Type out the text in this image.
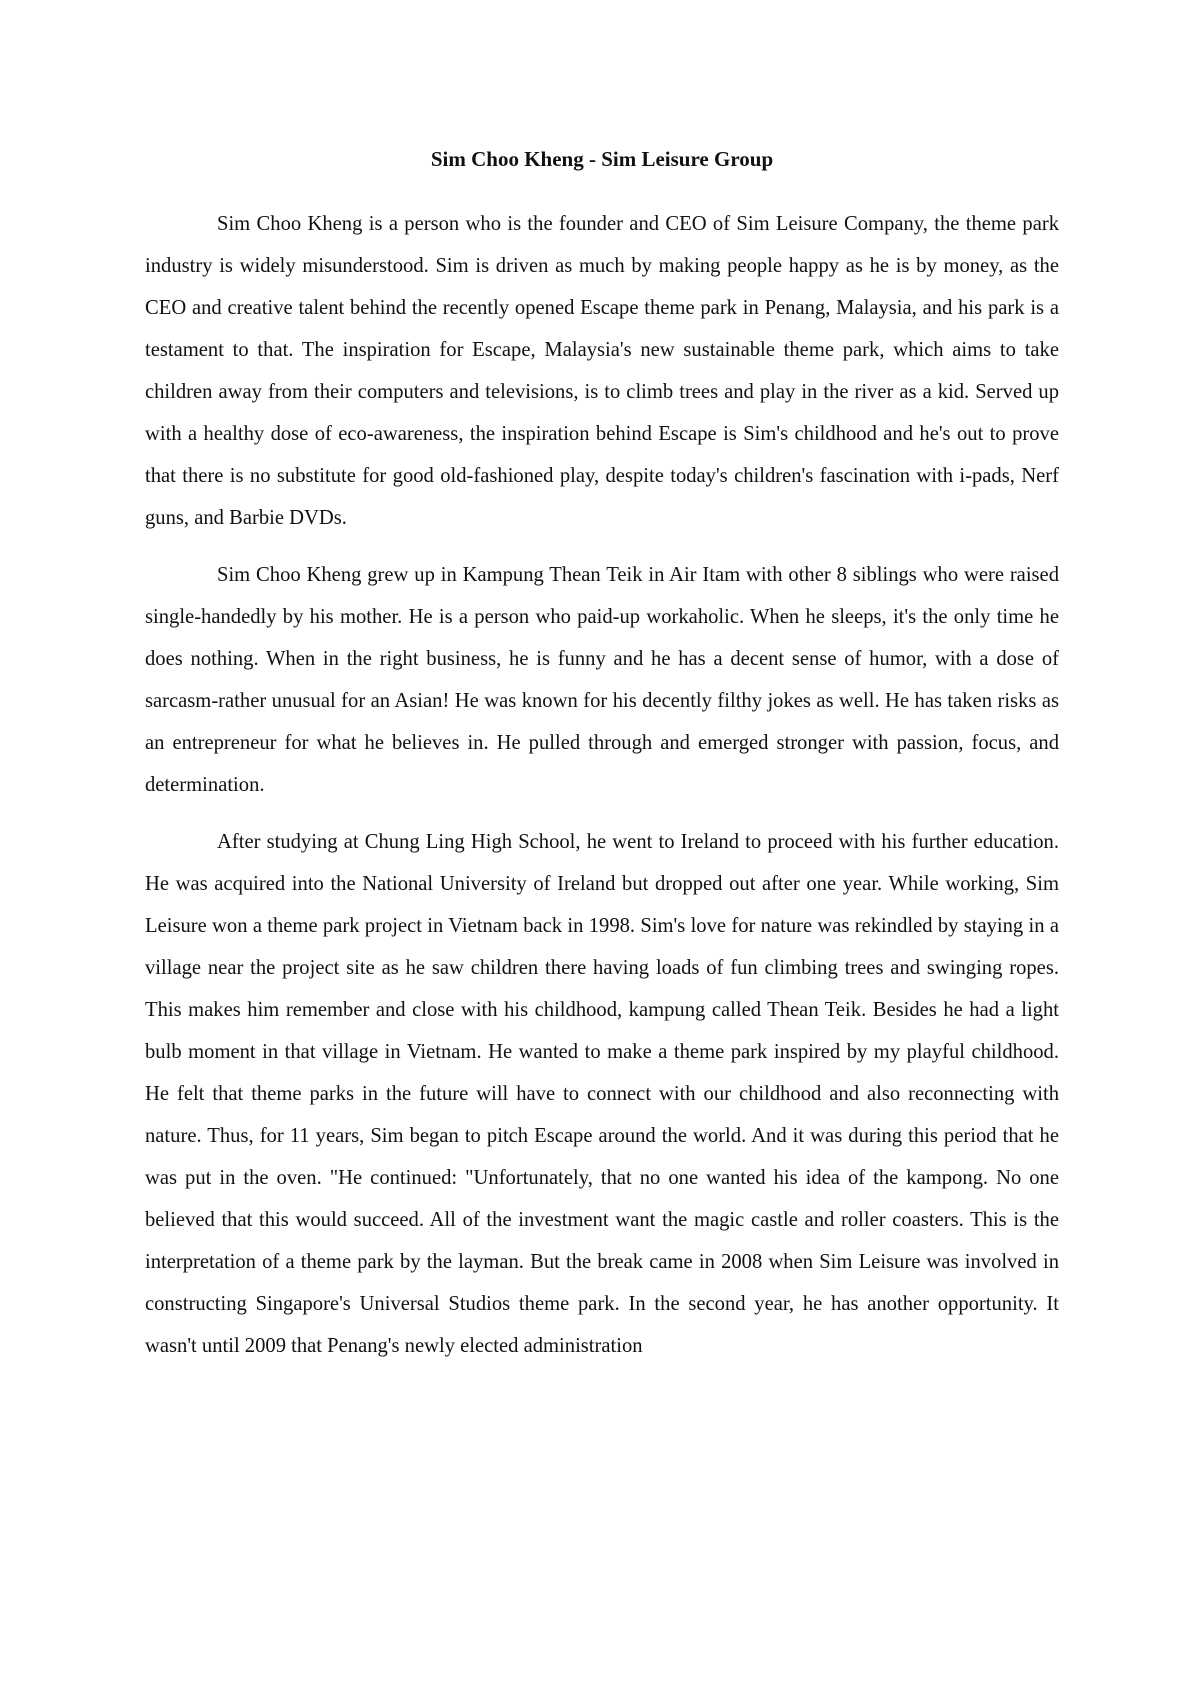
Sim Choo Kheng - Sim Leisure Group

Sim Choo Kheng is a person who is the founder and CEO of Sim Leisure Company, the theme park industry is widely misunderstood. Sim is driven as much by making people happy as he is by money, as the CEO and creative talent behind the recently opened Escape theme park in Penang, Malaysia, and his park is a testament to that. The inspiration for Escape, Malaysia's new sustainable theme park, which aims to take children away from their computers and televisions, is to climb trees and play in the river as a kid. Served up with a healthy dose of eco-awareness, the inspiration behind Escape is Sim's childhood and he's out to prove that there is no substitute for good old-fashioned play, despite today's children's fascination with i-pads, Nerf guns, and Barbie DVDs.

Sim Choo Kheng grew up in Kampung Thean Teik in Air Itam with other 8 siblings who were raised single-handedly by his mother. He is a person who paid-up workaholic. When he sleeps, it's the only time he does nothing. When in the right business, he is funny and he has a decent sense of humor, with a dose of sarcasm-rather unusual for an Asian! He was known for his decently filthy jokes as well. He has taken risks as an entrepreneur for what he believes in. He pulled through and emerged stronger with passion, focus, and determination.

After studying at Chung Ling High School, he went to Ireland to proceed with his further education. He was acquired into the National University of Ireland but dropped out after one year. While working, Sim Leisure won a theme park project in Vietnam back in 1998. Sim's love for nature was rekindled by staying in a village near the project site as he saw children there having loads of fun climbing trees and swinging ropes. This makes him remember and close with his childhood, kampung called Thean Teik. Besides he had a light bulb moment in that village in Vietnam. He wanted to make a theme park inspired by my playful childhood. He felt that theme parks in the future will have to connect with our childhood and also reconnecting with nature. Thus, for 11 years, Sim began to pitch Escape around the world. And it was during this period that he was put in the oven. "He continued: "Unfortunately, that no one wanted his idea of the kampong. No one believed that this would succeed. All of the investment want the magic castle and roller coasters. This is the interpretation of a theme park by the layman. But the break came in 2008 when Sim Leisure was involved in constructing Singapore's Universal Studios theme park. In the second year, he has another opportunity. It wasn't until 2009 that Penang's newly elected administration
